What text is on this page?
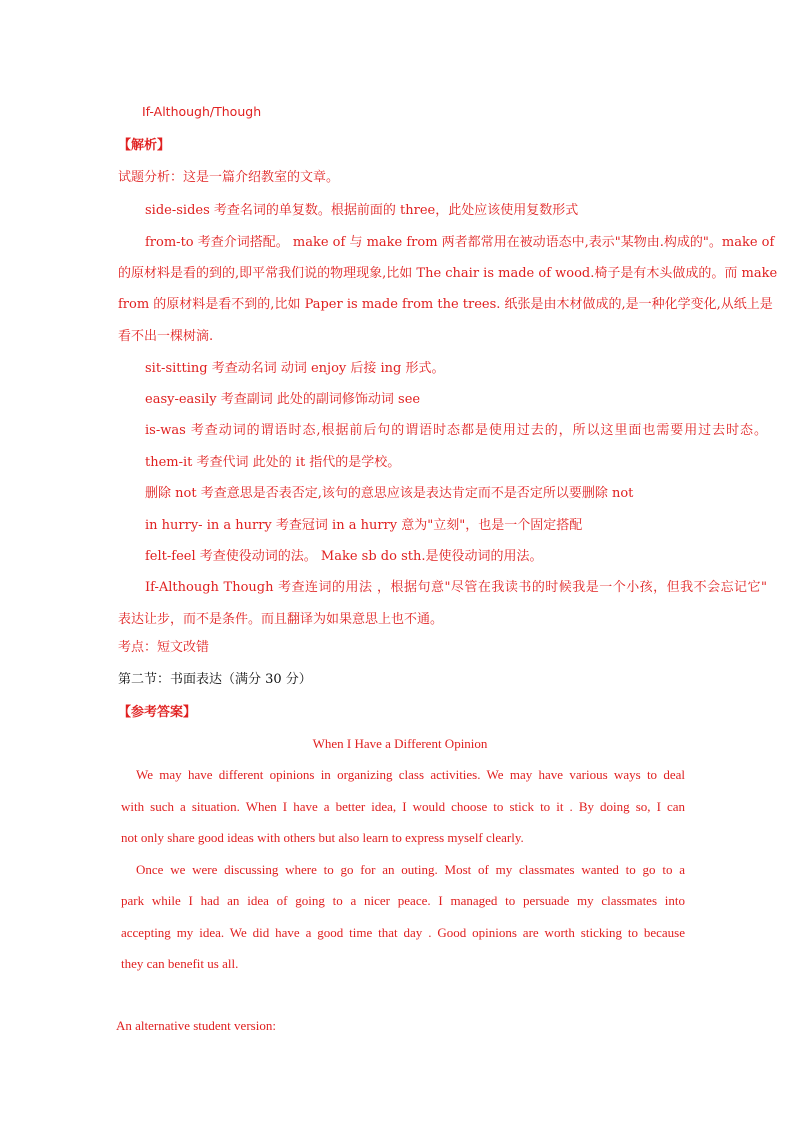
If-Although/Though
【解析】
试题分析：这是一篇介绍教室的文章。
side-sides 考查名词的单复数。根据前面的 three，此处应该使用复数形式
from-to 考查介词搭配。 make of 与 make from 两者都常用在被动语态中,表示"某物由.构成的"。make of
的原材料是看的到的,即平常我们说的物理现象,比如 The chair is made of wood.椅子是有木头做成的。而 make
from 的原材料是看不到的,比如 Paper is made from the trees. 纸张是由木材做成的,是一种化学变化,从纸上是
看不出一棵树滴.
sit-sitting 考查动名词 动词 enjoy 后接 ing 形式。
easy-easily 考查副词 此处的副词修饰动词 see
is-was 考查动词的谓语时态,根据前后句的谓语时态都是使用过去的，所以这里面也需要用过去时态。
them-it 考查代词 此处的 it 指代的是学校。
删除 not 考查意思是否表否定,该句的意思应该是表达肯定而不是否定所以要删除 not
in hurry- in a hurry 考查冠词 in a hurry 意为"立刻"，也是一个固定搭配
felt-feel 考查使役动词的法。 Make sb do sth.是使役动词的用法。
If-Although Though 考查连词的用法 ，根据句意"尽管在我读书的时候我是一个小孩，但我不会忘记它"
表达让步，而不是条件。而且翻译为如果意思上也不通。
考点：短文改错
第二节：书面表达（满分 30 分）
【参考答案】
When I Have a Different Opinion
We may have different opinions in organizing class activities. We may have various ways to deal
with such a situation. When I have a better idea, I would choose to stick to it . By doing so, I can
not only share good ideas with others but also learn to express myself clearly.
Once we were discussing where to go for an outing. Most of my classmates wanted to go to a
park while I had an idea of going to a nicer peace. I managed to persuade my classmates into
accepting my idea. We did have a good time that day . Good opinions are worth sticking to because
they can benefit us all.
An alternative student version:
